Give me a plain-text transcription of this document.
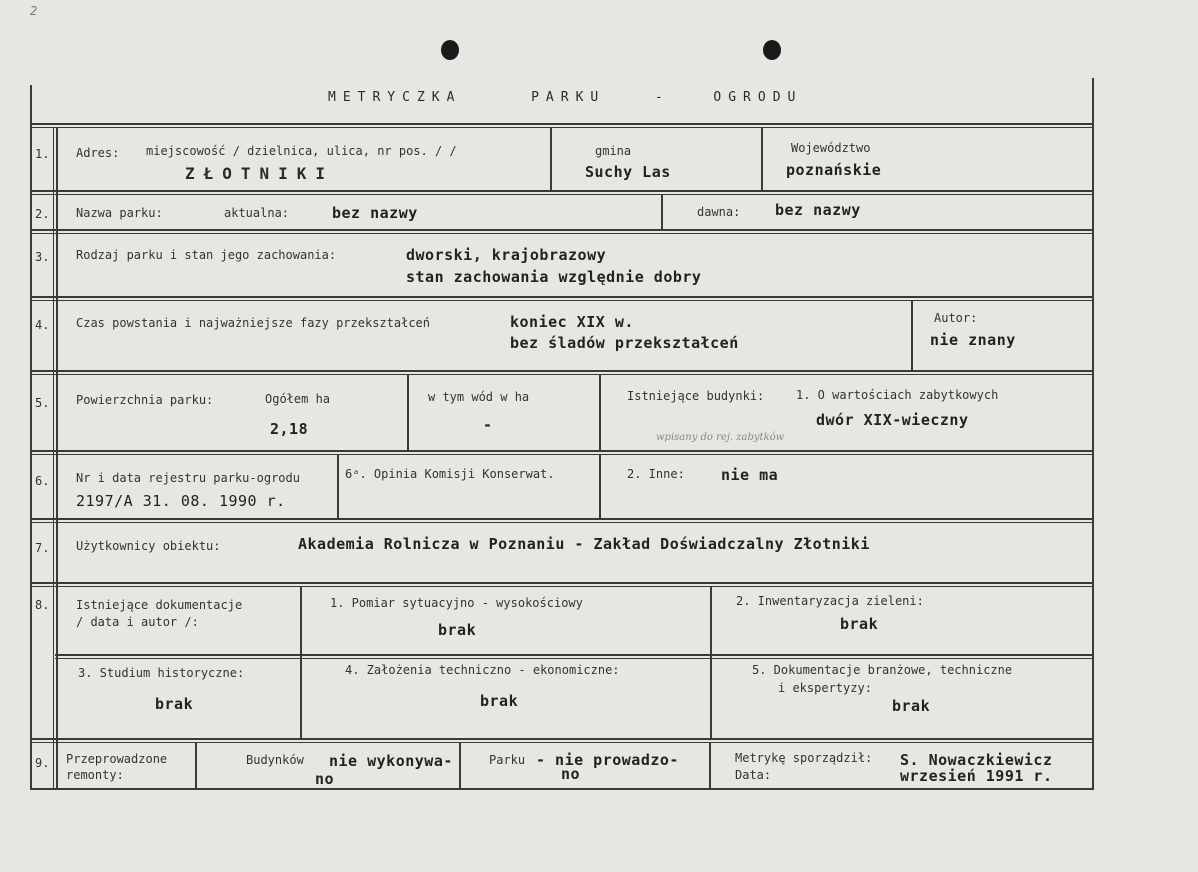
2
METRYCZKA	PARKU	-	OGRODU
1. Adres: miejscowość / dzielnica, ulica, nr pos. / /
ZŁOTNIKI
gmina
Suchy Las
Województwo
poznańskie
2. Nazwa parku:	aktualna:	bez nazwy	dawna: bez nazwy
3. Rodzaj parku i stan jego zachowania:	dworski, krajobrazowy
stan zachowania względnie dobry
4. Czas powstania i najważniejsze fazy przekształceń	koniec XIX w.
bez śladów przekształceń
Autor:
nie znany
5. Powierzchnia parku:	Ogółem ha
2,18
w tym wód w ha
-
Istniejące budynki:	1. O wartościach zabytkowych
dwór XIX-wieczny
wpisany do rej. zabytków
6. Nr i data rejestru parku-ogrodu
2197/A 31. 08. 1990 r.
6ᵃ. Opinia Komisji Konserwat.	2. Inne: nie ma
7. Użytkownicy obiektu:	Akademia Rolnicza w Poznaniu - Zakład Doświadczalny Złotniki
8. Istniejące dokumentacje
/ data i autor /:
1. Pomiar sytuacyjno - wysokościowy
brak
2. Inwentaryzacja zieleni:
brak
3. Studium historyczne:
brak
4. Założenia techniczno - ekonomiczne:
brak
5. Dokumentacje branżowe, techniczne
i ekspertyzy:
brak
9. Przeprowadzone
remonty:
Budynków nie wykonywa-
no
Parku - nie prowadzo-
no
Metrykę sporządził: S. Nowaczkiewicz
Data:	wrzesień 1991 r.
